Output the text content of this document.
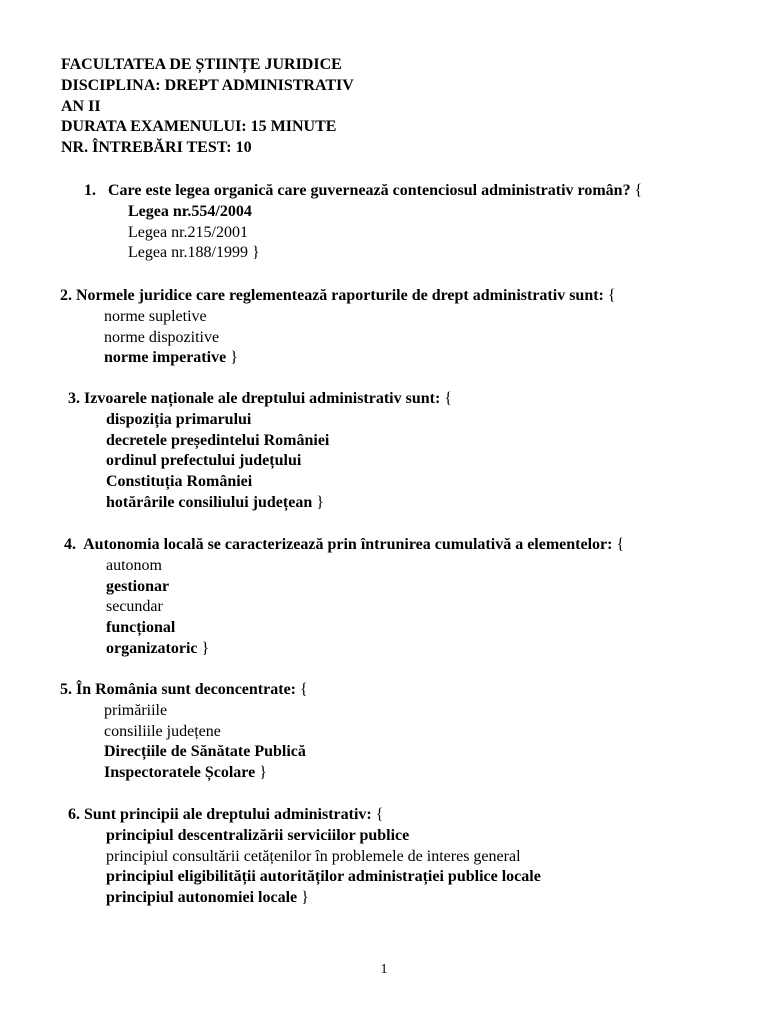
FACULTATEA DE ȘTIINȚE JURIDICE
DISCIPLINA: DREPT ADMINISTRATIV
AN II
DURATA EXAMENULUI: 15 MINUTE
NR. ÎNTREBĂRI TEST: 10
1. Care este legea organică care guvernează contenciosul administrativ român? {
Legea nr.554/2004
Legea nr.215/2001
Legea nr.188/1999 }
2. Normele juridice care reglementează raporturile de drept administrativ sunt: {
norme supletive
norme dispozitive
norme imperative }
3. Izvoarele naționale ale dreptului administrativ sunt: {
dispoziția primarului
decretele președintelui României
ordinul prefectului județului
Constituția României
hotărârile consiliului județean }
4. Autonomia locală se caracterizează prin întrunirea cumulativă a elementelor: {
autonom
gestionar
secundar
funcțional
organizatoric }
5. În România sunt deconcentrate: {
primăriile
consiliile județene
Direcțiile de Sănătate Publică
Inspectoratele Școlare }
6. Sunt principii ale dreptului administrativ: {
principiul descentralizării serviciilor publice
principiul consultării cetățenilor în problemele de interes general
principiul eligibilității autorităților administrației publice locale
principiul autonomiei locale }
1
